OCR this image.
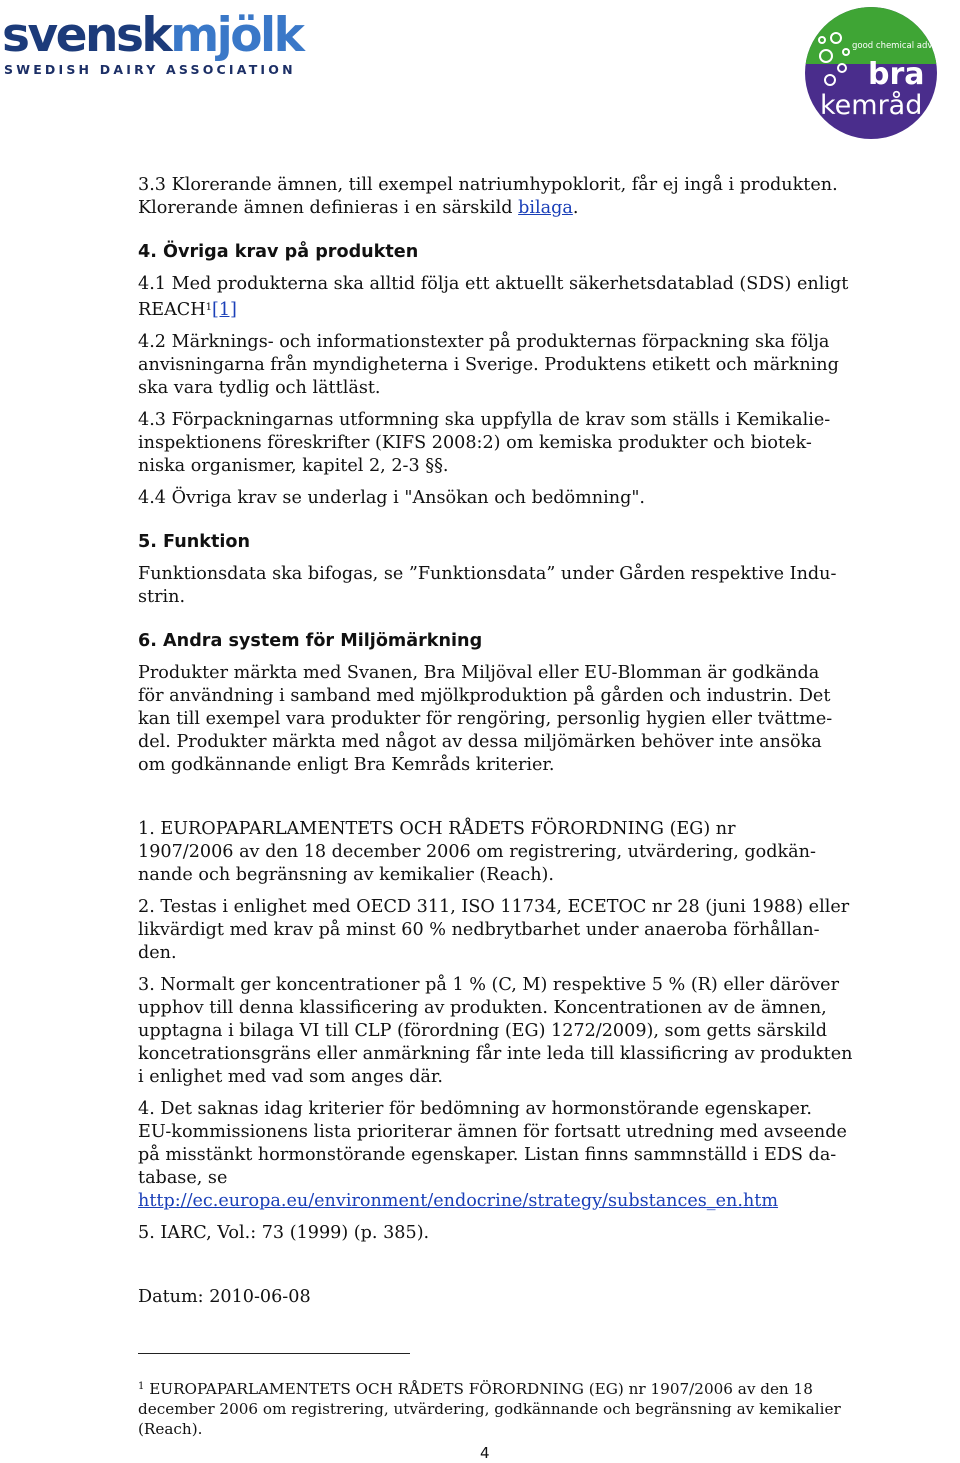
svenskmjölk
SWEDISH DAIRY ASSOCIATION
good chemical advice
bra
kemråd

3.3 Klorerande ämnen, till exempel natriumhypoklorit, får ej ingå i produkten.
Klorerande ämnen definieras i en särskild bilaga.

4. Övriga krav på produkten

4.1 Med produkterna ska alltid följa ett aktuellt säkerhetsdatablad (SDS) enligt
REACH$^1$[1]

4.2 Märknings- och informationstexter på produkternas förpackning ska följa
anvisningarna från myndigheterna i Sverige. Produktens etikett och märkning
ska vara tydlig och lättläst.

4.3 Förpackningarnas utformning ska uppfylla de krav som ställs i Kemikalie-
inspektionens föreskrifter (KIFS 2008:2) om kemiska produkter och biotek-
niska organismer, kapitel 2, 2-3 §§.

4.4 Övriga krav se underlag i "Ansökan och bedömning".

5. Funktion

Funktionsdata ska bifogas, se ”Funktionsdata” under Gården respektive Indu-
strin.

6. Andra system för Miljömärkning

Produkter märkta med Svanen, Bra Miljöval eller EU-Blomman är godkända
för användning i samband med mjölkproduktion på gården och industrin. Det
kan till exempel vara produkter för rengöring, personlig hygien eller tvättme-
del. Produkter märkta med något av dessa miljömärken behöver inte ansöka
om godkännande enligt Bra Kemråds kriterier.

1. EUROPAPARLAMENTETS OCH RÅDETS FÖRORDNING (EG) nr
1907/2006 av den 18 december 2006 om registrering, utvärdering, godkän-
nande och begränsning av kemikalier (Reach).

2. Testas i enlighet med OECD 311, ISO 11734, ECETOC nr 28 (juni 1988) eller
likvärdigt med krav på minst 60 % nedbrytbarhet under anaeroba förhållan-
den.

3. Normalt ger koncentrationer på 1 % (C, M) respektive 5 % (R) eller däröver
upphov till denna klassificering av produkten. Koncentrationen av de ämnen,
upptagna i bilaga VI till CLP (förordning (EG) 1272/2009), som getts särskild
koncetrationsgräns eller anmärkning får inte leda till klassificring av produkten
i enlighet med vad som anges där.

4. Det saknas idag kriterier för bedömning av hormonstörande egenskaper.
EU-kommissionens lista prioriterar ämnen för fortsatt utredning med avseende
på misstänkt hormonstörande egenskaper. Listan finns sammnställd i EDS da-
tabase, se
http://ec.europa.eu/environment/endocrine/strategy/substances_en.htm

5. IARC, Vol.: 73 (1999) (p. 385).

Datum: 2010-06-08

$^1$ EUROPAPARLAMENTETS OCH RÅDETS FÖRORDNING (EG) nr 1907/2006 av den 18
december 2006 om registrering, utvärdering, godkännande och begränsning av kemikalier
(Reach).
4
